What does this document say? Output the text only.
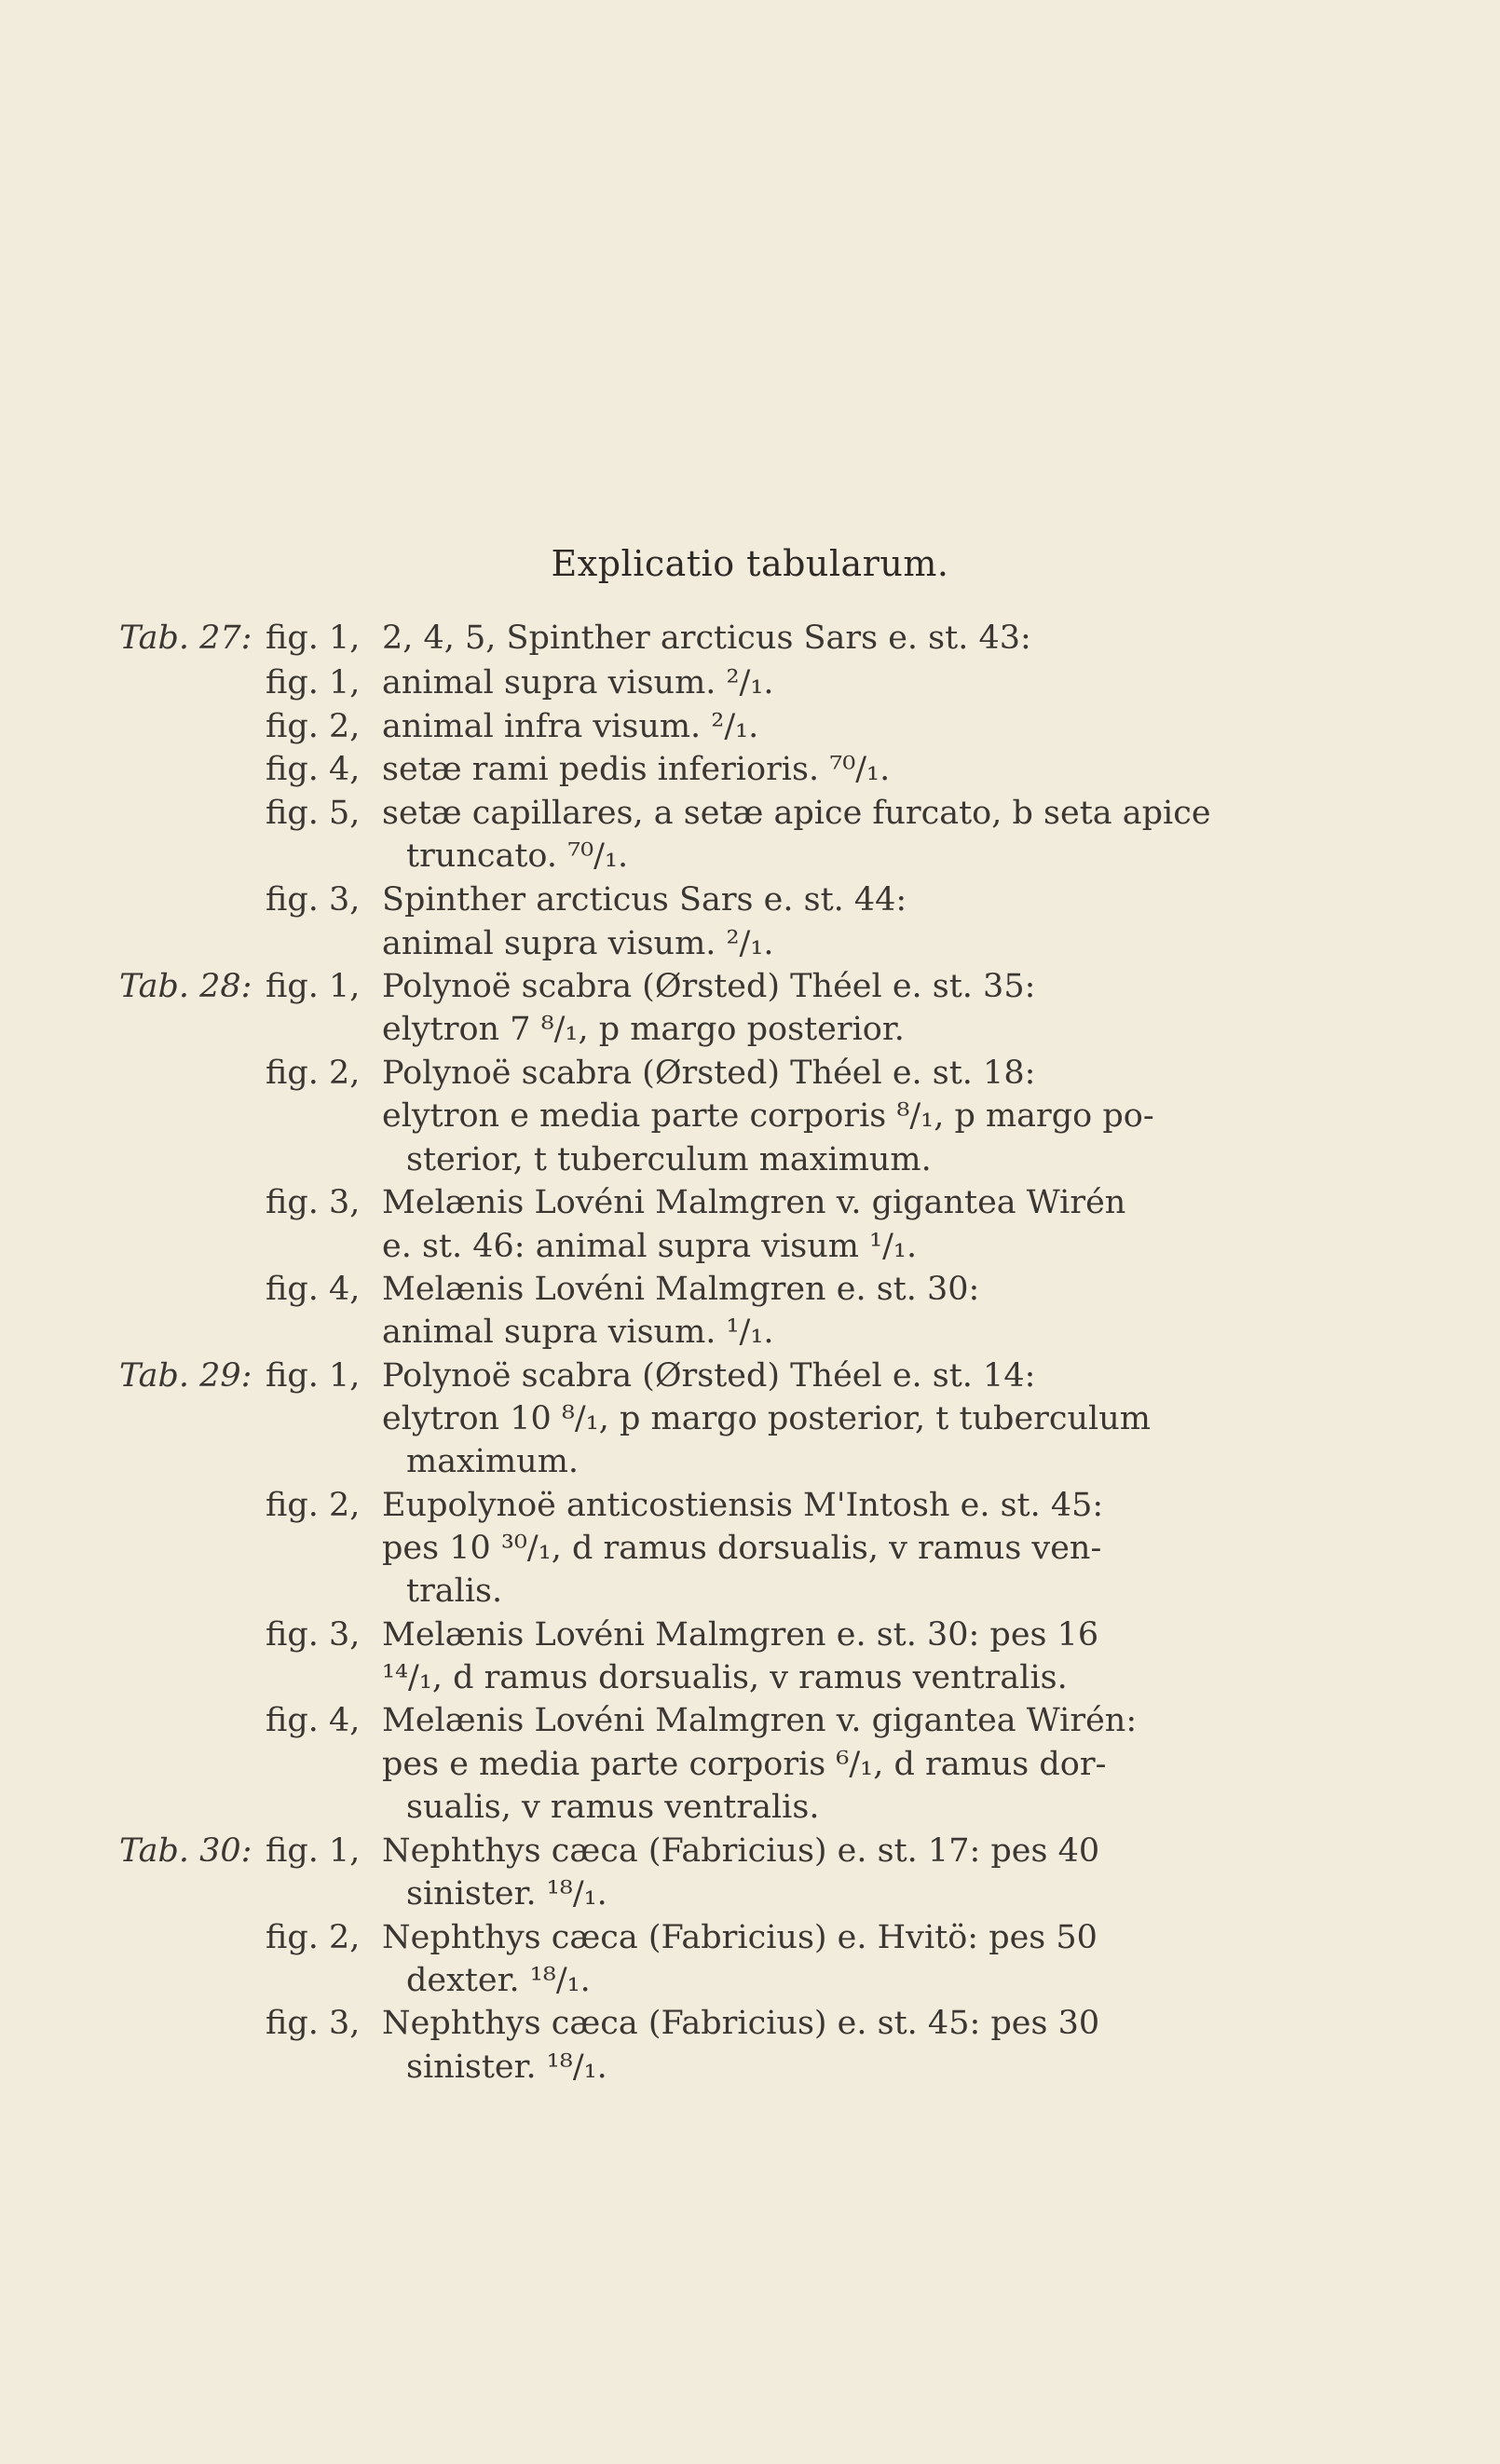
Explicatio tabularum.
Tab. 27: fig. 1, 2, 4, 5, Spinther arcticus Sars e. st. 43:
fig. 1, animal supra visum. ²/₁.
fig. 2, animal infra visum. ²/₁.
fig. 4, setæ rami pedis inferioris. ⁷⁰/₁.
fig. 5, setæ capillares, a setæ apice furcato, b seta apice
truncato. ⁷⁰/₁.
fig. 3, Spinther arcticus Sars e. st. 44:
animal supra visum. ²/₁.
Tab. 28: fig. 1, Polynoë scabra (Ørsted) Théel e. st. 35:
elytron 7 ⁸/₁, p margo posterior.
fig. 2, Polynoë scabra (Ørsted) Théel e. st. 18:
elytron e media parte corporis ⁸/₁, p margo po-
sterior, t tuberculum maximum.
fig. 3, Melænis Lovéni Malmgren v. gigantea Wirén
e. st. 46: animal supra visum ¹/₁.
fig. 4, Melænis Lovéni Malmgren e. st. 30:
animal supra visum. ¹/₁.
Tab. 29: fig. 1, Polynoë scabra (Ørsted) Théel e. st. 14:
elytron 10 ⁸/₁, p margo posterior, t tuberculum
maximum.
fig. 2, Eupolynoë anticostiensis M'Intosh e. st. 45:
pes 10 ³⁰/₁, d ramus dorsualis, v ramus ven-
tralis.
fig. 3, Melænis Lovéni Malmgren e. st. 30: pes 16
¹⁴/₁, d ramus dorsualis, v ramus ventralis.
fig. 4, Melænis Lovéni Malmgren v. gigantea Wirén:
pes e media parte corporis ⁶/₁, d ramus dor-
sualis, v ramus ventralis.
Tab. 30: fig. 1, Nephthys cæca (Fabricius) e. st. 17: pes 40
sinister. ¹⁸/₁.
fig. 2, Nephthys cæca (Fabricius) e. Hvitö: pes 50
dexter. ¹⁸/₁.
fig. 3, Nephthys cæca (Fabricius) e. st. 45: pes 30
sinister. ¹⁸/₁.
